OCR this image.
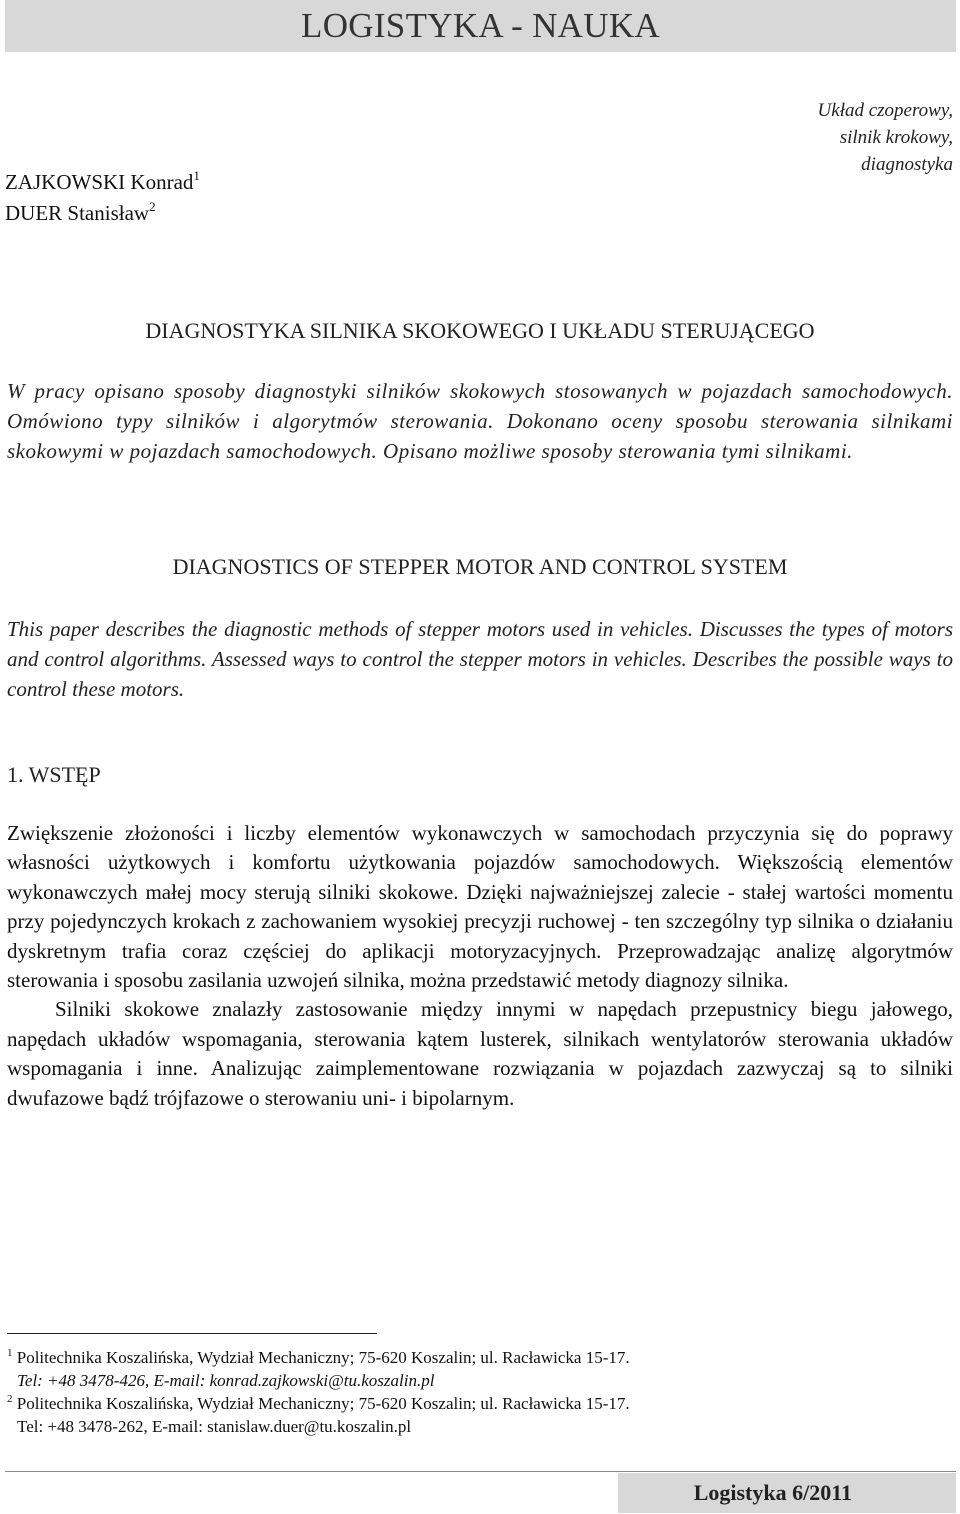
LOGISTYKA - NAUKA
Układ czoperowy,
silnik krokowy,
diagnostyka
ZAJKOWSKI Konrad$^1$
DUER Stanisław$^2$
DIAGNOSTYKA SILNIKA SKOKOWEGO I UKŁADU STERUJĄCEGO
W pracy opisano sposoby diagnostyki silników skokowych stosowanych w pojazdach samochodowych. Omówiono typy silników i algorytmów sterowania. Dokonano oceny sposobu sterowania silnikami skokowymi w pojazdach samochodowych. Opisano możliwe sposoby sterowania tymi silnikami.
DIAGNOSTICS OF STEPPER MOTOR AND CONTROL SYSTEM
This paper describes the diagnostic methods of stepper motors used in vehicles. Discusses the types of motors and control algorithms. Assessed ways to control the stepper motors in vehicles. Describes the possible ways to control these motors.
1. WSTĘP

Zwiększenie złożoności i liczby elementów wykonawczych w samochodach przyczynia się do poprawy własności użytkowych i komfortu użytkowania pojazdów samochodowych. Większością elementów wykonawczych małej mocy sterują silniki skokowe. Dzięki najważniejszej zalecie - stałej wartości momentu przy pojedynczych krokach z zachowaniem wysokiej precyzji ruchowej - ten szczególny typ silnika o działaniu dyskretnym trafia coraz częściej do aplikacji motoryzacyjnych. Przeprowadzając analizę algorytmów sterowania i sposobu zasilania uzwojeń silnika, można przedstawić metody diagnozy silnika.

Silniki skokowe znalazły zastosowanie między innymi w napędach przepustnicy biegu jałowego, napędach układów wspomagania, sterowania kątem lusterek, silnikach wentylatorów sterowania układów wspomagania i inne. Analizując zaimplementowane rozwiązania w pojazdach zazwyczaj są to silniki dwufazowe bądź trójfazowe o sterowaniu uni- i bipolarnym.

$^1$ Politechnika Koszalińska, Wydział Mechaniczny; 75-620 Koszalin; ul. Racławicka 15-17.
Tel: +48 3478-426, E-mail: konrad.zajkowski@tu.koszalin.pl
$^2$ Politechnika Koszalińska, Wydział Mechaniczny; 75-620 Koszalin; ul. Racławicka 15-17.
Tel: +48 3478-262, E-mail: stanislaw.duer@tu.koszalin.pl
Logistyka 6/2011
